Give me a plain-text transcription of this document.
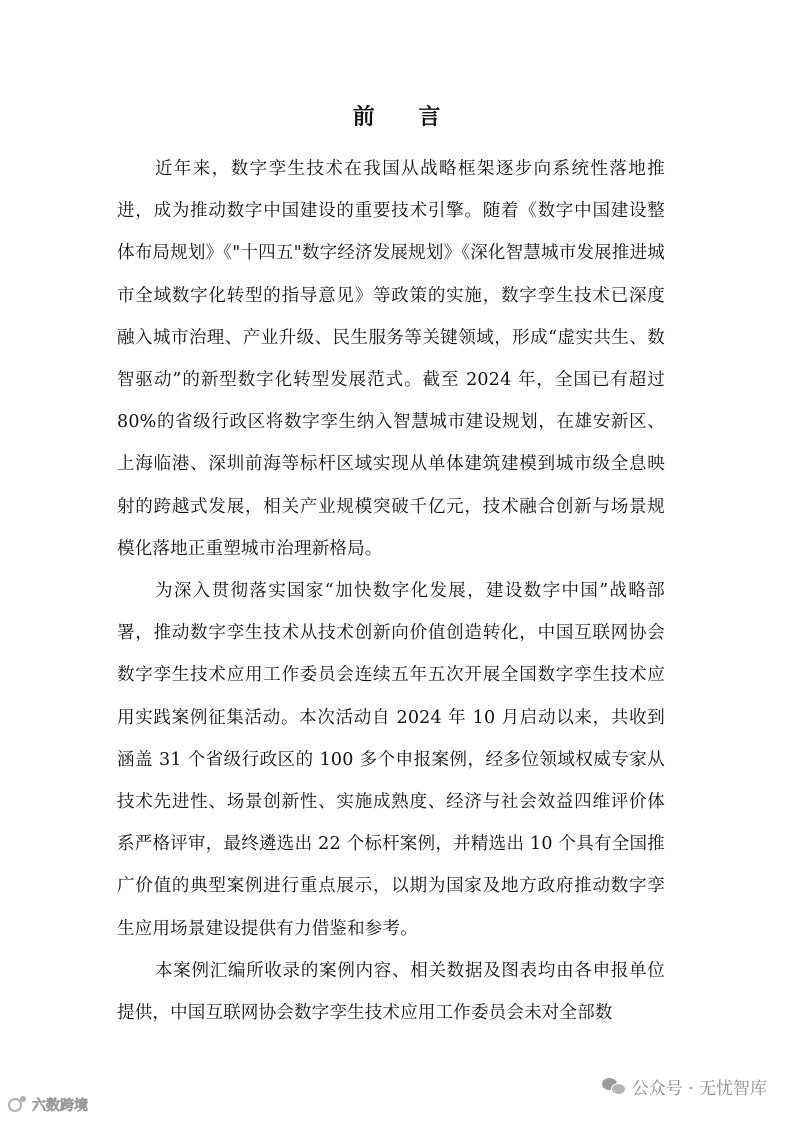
前 言

近年来，数字孪生技术在我国从战略框架逐步向系统性落地推进，成为推动数字中国建设的重要技术引擎。随着《数字中国建设整体布局规划》《"十四五"数字经济发展规划》《深化智慧城市发展推进城市全域数字化转型的指导意见》等政策的实施，数字孪生技术已深度融入城市治理、产业升级、民生服务等关键领域，形成“虚实共生、数智驱动”的新型数字化转型发展范式。截至 2024 年，全国已有超过 80%的省级行政区将数字孪生纳入智慧城市建设规划，在雄安新区、上海临港、深圳前海等标杆区域实现从单体建筑建模到城市级全息映射的跨越式发展，相关产业规模突破千亿元，技术融合创新与场景规模化落地正重塑城市治理新格局。

为深入贯彻落实国家“加快数字化发展，建设数字中国”战略部署，推动数字孪生技术从技术创新向价值创造转化，中国互联网协会数字孪生技术应用工作委员会连续五年五次开展全国数字孪生技术应用实践案例征集活动。本次活动自 2024 年 10 月启动以来，共收到涵盖 31 个省级行政区的 100 多个申报案例，经多位领域权威专家从技术先进性、场景创新性、实施成熟度、经济与社会效益四维评价体系严格评审，最终遴选出 22 个标杆案例，并精选出 10 个具有全国推广价值的典型案例进行重点展示，以期为国家及地方政府推动数字孪生应用场景建设提供有力借鉴和参考。

本案例汇编所收录的案例内容、相关数据及图表均由各申报单位提供，中国互联网协会数字孪生技术应用工作委员会未对全部数

公众号 · 无忧智库
六数跨境
